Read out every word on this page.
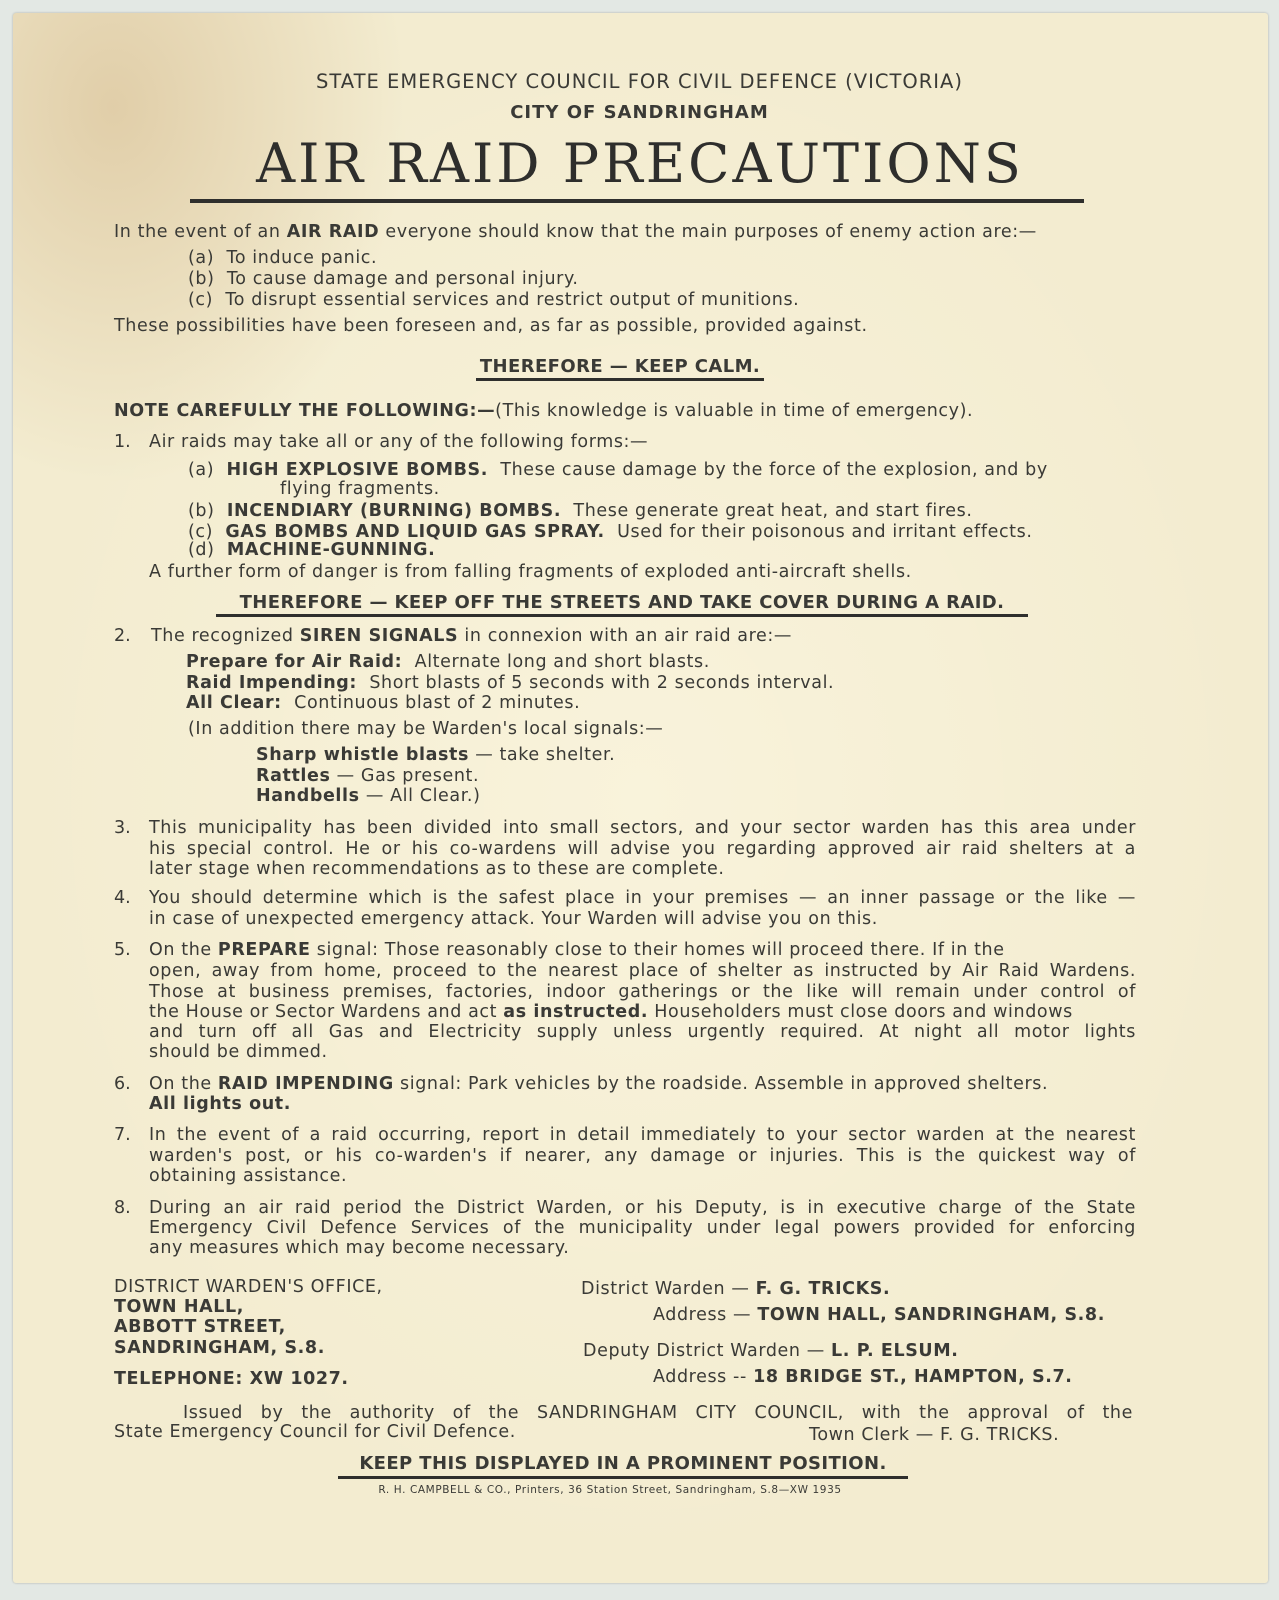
STATE EMERGENCY COUNCIL FOR CIVIL DEFENCE (VICTORIA)
CITY OF SANDRINGHAM
AIR RAID PRECAUTIONS
In the event of an AIR RAID everyone should know that the main purposes of enemy action are:—
(a) To induce panic.
(b) To cause damage and personal injury.
(c) To disrupt essential services and restrict output of munitions.
These possibilities have been foreseen and, as far as possible, provided against.
THEREFORE — KEEP CALM.
NOTE CAREFULLY THE FOLLOWING:—(This knowledge is valuable in time of emergency).
1. Air raids may take all or any of the following forms:—
(a) HIGH EXPLOSIVE BOMBS. These cause damage by the force of the explosion, and by
flying fragments.
(b) INCENDIARY (BURNING) BOMBS. These generate great heat, and start fires.
(c) GAS BOMBS AND LIQUID GAS SPRAY. Used for their poisonous and irritant effects.
(d) MACHINE-GUNNING.
A further form of danger is from falling fragments of exploded anti-aircraft shells.
THEREFORE — KEEP OFF THE STREETS AND TAKE COVER DURING A RAID.
2. The recognized SIREN SIGNALS in connexion with an air raid are:—
Prepare for Air Raid: Alternate long and short blasts.
Raid Impending: Short blasts of 5 seconds with 2 seconds interval.
All Clear: Continuous blast of 2 minutes.
(In addition there may be Warden's local signals:—
Sharp whistle blasts — take shelter.
Rattles — Gas present.
Handbells — All Clear.)
3. This municipality has been divided into small sectors, and your sector warden has this area under
his special control. He or his co-wardens will advise you regarding approved air raid shelters at a
later stage when recommendations as to these are complete.
4. You should determine which is the safest place in your premises — an inner passage or the like —
in case of unexpected emergency attack. Your Warden will advise you on this.
5. On the PREPARE signal: Those reasonably close to their homes will proceed there. If in the
open, away from home, proceed to the nearest place of shelter as instructed by Air Raid Wardens.
Those at business premises, factories, indoor gatherings or the like will remain under control of
the House or Sector Wardens and act as instructed. Householders must close doors and windows
and turn off all Gas and Electricity supply unless urgently required. At night all motor lights
should be dimmed.
6. On the RAID IMPENDING signal: Park vehicles by the roadside. Assemble in approved shelters.
All lights out.
7. In the event of a raid occurring, report in detail immediately to your sector warden at the nearest
warden's post, or his co-warden's if nearer, any damage or injuries. This is the quickest way of
obtaining assistance.
8. During an air raid period the District Warden, or his Deputy, is in executive charge of the State
Emergency Civil Defence Services of the municipality under legal powers provided for enforcing
any measures which may become necessary.
DISTRICT WARDEN'S OFFICE,
TOWN HALL,
ABBOTT STREET,
SANDRINGHAM, S.8.
TELEPHONE: XW 1027.
District Warden — F. G. TRICKS.
Address — TOWN HALL, SANDRINGHAM, S.8.
Deputy District Warden — L. P. ELSUM.
Address -- 18 BRIDGE ST., HAMPTON, S.7.
Issued by the authority of the SANDRINGHAM CITY COUNCIL, with the approval of the
State Emergency Council for Civil Defence.	Town Clerk — F. G. TRICKS.
KEEP THIS DISPLAYED IN A PROMINENT POSITION.
R. H. CAMPBELL & CO., Printers, 36 Station Street, Sandringham, S.8—XW 1935
